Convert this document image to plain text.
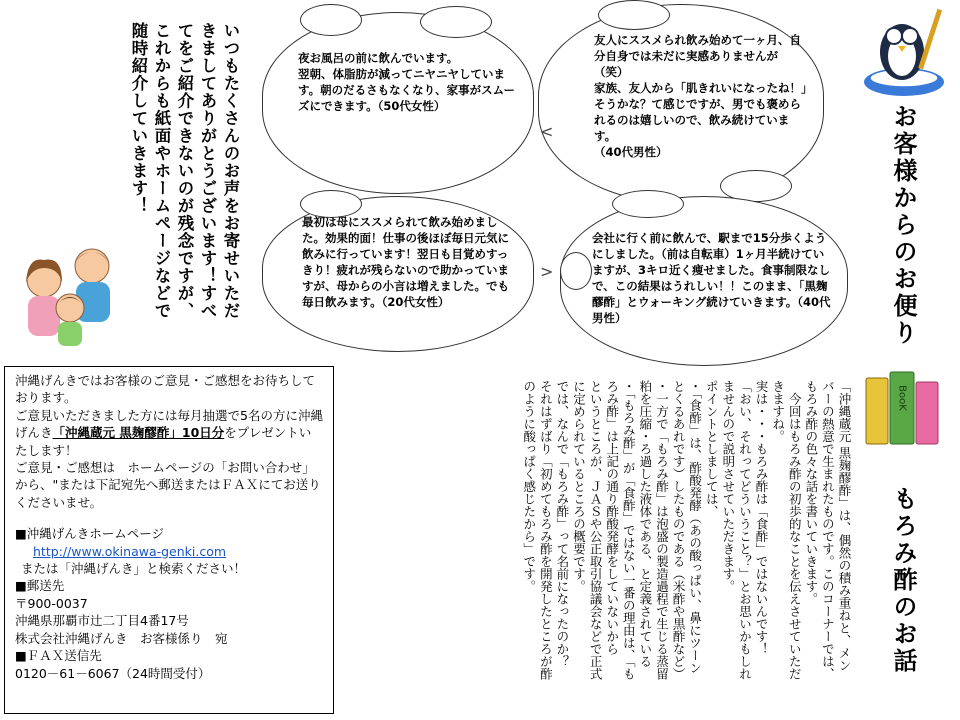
いつもたくさんのお声をお寄せいただきましてありがとうございます！すべてをご紹介できないのが残念ですが、これからも紙面やホームページなどで随時紹介していきます！	夜お風呂の前に飲んでいます。
翌朝、体脂肪が減ってニヤニヤしています。朝のだるさもなくなり、家事がスムーズにできます。（50代女性）
友人にススメられ飲み始めて一ヶ月、自分自身では未だに実感ありませんが（笑）
家族、友人から「肌きれいになったね！」そうかな？て感じですが、男でも褒められるのは嬉しいので、飲み続けています。
（40代男性）
最初は母にススメられて飲み始めました。効果的面！仕事の後ほぼ毎日元気に飲みに行っています！翌日も目覚めすっきり！疲れが残らないので助かっていますが、母からの小言は増えました。でも毎日飲みます。（20代女性）
会社に行く前に飲んで、駅まで15分歩くようにしました。（前は自転車）1ヶ月半続けていますが、3キロ近く痩せました。食事制限なしで、この結果はうれしい！！このまま、「黒麹醪酢」とウォーキング続けていきます。（40代男性）
<
>	お客様からのお便り
BooK
もろみ酢のお話
「沖縄蔵元 黒麹醪酢」は、偶然の積み重ねと、メンバーの熱意で生まれたものです。このコーナーでは、もろみ酢の色々な話を書いていきます。
　今回はもろみ酢の初歩的なことを伝えさせていただきますね。
実は・・・もろみ酢は「食酢」ではないんです！
「おい、それってどういうこと？」とお思いかもしれませんので説明させていただきます。
ポイントとしましては、
・「食酢」は、酢酸発酵（あの酸っぱい、鼻にツーンとくるあれです）したものである（米酢や黒酢など）
・一方で「もろみ酢」は泡盛の製造過程で生じる蒸留粕を圧縮・ろ過した液体である、と定義されている
・「もろみ酢」が「食酢」ではない一番の理由は、「もろみ酢」は上記の通り酢酸発酵をしていないから
というところが、ＪＡＳや公正取引協議会などで正式に定められているところの概要です。
では、なんで「もろみ酢」って名前になったのか？
それはずばり「初めてもろみ酢を開発したところが酢のように酸っぱく感じたから」です。

沖縄げんきではお客様のご意見・ご感想をお待ちしております。

ご意見いただきました方には毎月抽選で5名の方に沖縄げんき「沖縄蔵元 黒麹醪酢」10日分をプレゼントいたします！

ご意見・ご感想は　ホームページの「お問い合わせ」から、"または下記宛先へ郵送またはＦＡＸにてお送りくださいませ。

■沖縄げんきホームページ

http://www.okinawa-genki.com

または「沖縄げんき」と検索ください！

■郵送先

〒900-0037

沖縄県那覇市辻二丁目4番17号

株式会社沖縄げんき　お客様係り　宛

■ＦＡＸ送信先

0120－61－6067（24時間受付）
